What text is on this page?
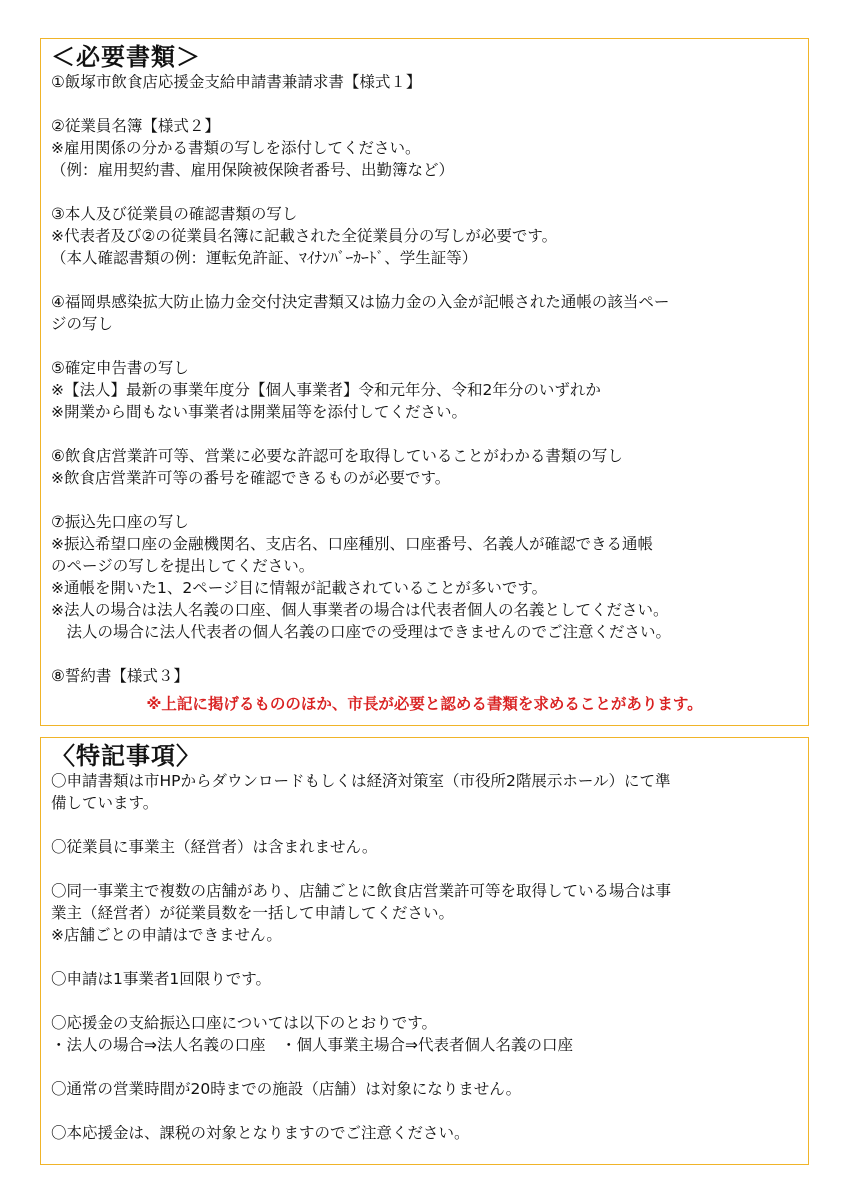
＜必要書類＞
①飯塚市飲食店応援金支給申請書兼請求書【様式１】
②従業員名簿【様式２】
※雇用関係の分かる書類の写しを添付してください。
（例：雇用契約書、雇用保険被保険者番号、出勤簿など）
③本人及び従業員の確認書類の写し
※代表者及び②の従業員名簿に記載された全従業員分の写しが必要です。
（本人確認書類の例：運転免許証、ﾏｲﾅﾝﾊﾞｰｶｰﾄﾞ、学生証等）
④福岡県感染拡大防止協力金交付決定書類又は協力金の入金が記帳された通帳の該当ペー
ジの写し
⑤確定申告書の写し
※【法人】最新の事業年度分【個人事業者】令和元年分、令和2年分のいずれか
※開業から間もない事業者は開業届等を添付してください。
⑥飲食店営業許可等、営業に必要な許認可を取得していることがわかる書類の写し
※飲食店営業許可等の番号を確認できるものが必要です。
⑦振込先口座の写し
※振込希望口座の金融機関名、支店名、口座種別、口座番号、名義人が確認できる通帳
のページの写しを提出してください。
※通帳を開いた1、2ページ目に情報が記載されていることが多いです。
※法人の場合は法人名義の口座、個人事業者の場合は代表者個人の名義としてください。
　法人の場合に法人代表者の個人名義の口座での受理はできませんのでご注意ください。
⑧誓約書【様式３】
※上記に掲げるもののほか、市長が必要と認める書類を求めることがあります。
〈特記事項〉
〇申請書類は市HPからダウンロードもしくは経済対策室（市役所2階展示ホール）にて準
備しています。
〇従業員に事業主（経営者）は含まれません。
〇同一事業主で複数の店舗があり、店舗ごとに飲食店営業許可等を取得している場合は事
業主（経営者）が従業員数を一括して申請してください。
※店舗ごとの申請はできません。
〇申請は1事業者1回限りです。
〇応援金の支給振込口座については以下のとおりです。
・法人の場合⇒法人名義の口座　・個人事業主場合⇒代表者個人名義の口座
〇通常の営業時間が20時までの施設（店舗）は対象になりません。
〇本応援金は、課税の対象となりますのでご注意ください。
